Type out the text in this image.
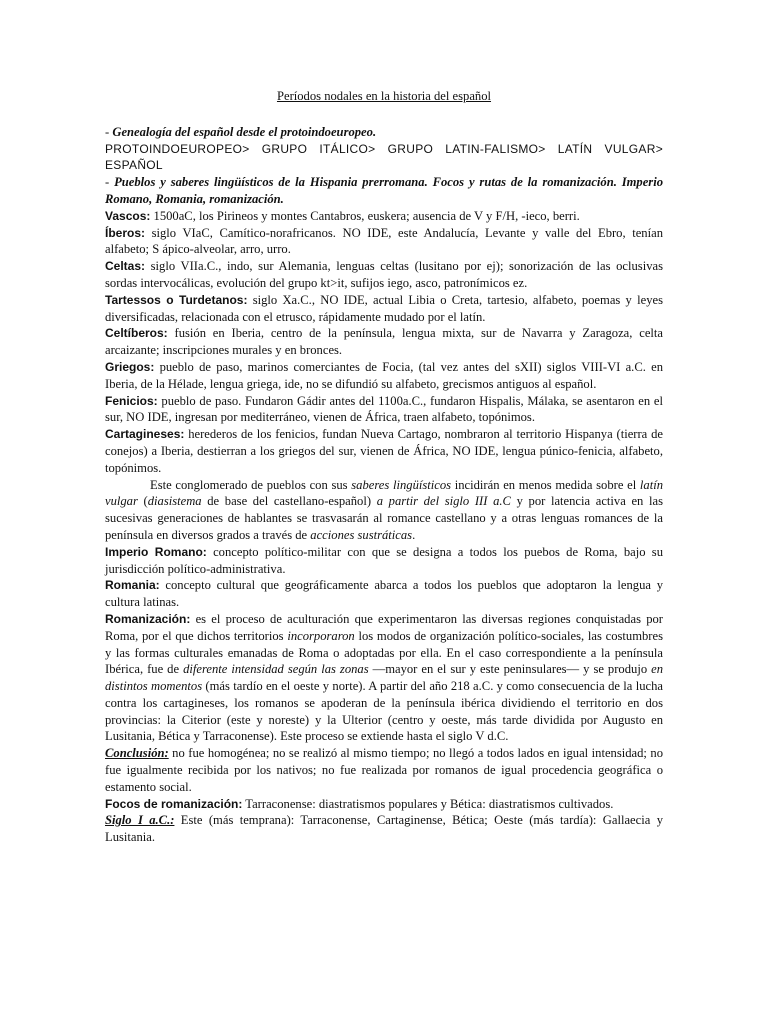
Períodos nodales en la historia del español

- Genealogía del español desde el protoindoeuropeo.

PROTOINDOEUROPEO> GRUPO ITÁLICO> GRUPO LATIN-FALISMO> LATÍN VULGAR> ESPAÑOL

- Pueblos y saberes lingüísticos de la Hispania prerromana. Focos y rutas de la romanización. Imperio Romano, Romania, romanización.

Vascos: 1500aC, los Pirineos y montes Cantabros, euskera; ausencia de V y F/H, -ieco, berri.

Íberos: siglo VIaC, Camítico-norafricanos. NO IDE, este Andalucía, Levante y valle del Ebro, tenían alfabeto; S ápico-alveolar, arro, urro.

Celtas: siglo VIIa.C., indo, sur Alemania, lenguas celtas (lusitano por ej); sonorización de las oclusivas sordas intervocálicas, evolución del grupo kt>it, sufijos iego, asco, patronímicos ez.

Tartessos o Turdetanos: siglo Xa.C., NO IDE, actual Libia o Creta, tartesio, alfabeto, poemas y leyes diversificadas, relacionada con el etrusco, rápidamente mudado por el latín.

Celtíberos: fusión en Iberia, centro de la península, lengua mixta, sur de Navarra y Zaragoza, celta arcaizante; inscripciones murales y en bronces.

Griegos: pueblo de paso, marinos comerciantes de Focia, (tal vez antes del sXII) siglos VIII-VI a.C. en Iberia, de la Hélade, lengua griega, ide, no se difundió su alfabeto, grecismos antiguos al español.

Fenicios: pueblo de paso. Fundaron Gádir antes del 1100a.C., fundaron Hispalis, Málaka, se asentaron en el sur, NO IDE, ingresan por mediterráneo, vienen de África, traen alfabeto, topónimos.

Cartagineses: herederos de los fenicios, fundan Nueva Cartago, nombraron al territorio Hispanya (tierra de conejos) a Iberia, destierran a los griegos del sur, vienen de África, NO IDE, lengua púnico-fenicia, alfabeto, topónimos.

Este conglomerado de pueblos con sus saberes lingüísticos incidirán en menos medida sobre el latín vulgar (diasistema de base del castellano-español) a partir del siglo III a.C y por latencia activa en las sucesivas generaciones de hablantes se trasvasarán al romance castellano y a otras lenguas romances de la península en diversos grados a través de acciones sustráticas.

Imperio Romano: concepto político-militar con que se designa a todos los puebos de Roma, bajo su jurisdicción político-administrativa.

Romania: concepto cultural que geográficamente abarca a todos los pueblos que adoptaron la lengua y cultura latinas.

Romanización: es el proceso de aculturación que experimentaron las diversas regiones conquistadas por Roma, por el que dichos territorios incorporaron los modos de organización político-sociales, las costumbres y las formas culturales emanadas de Roma o adoptadas por ella. En el caso correspondiente a la península Ibérica, fue de diferente intensidad según las zonas —mayor en el sur y este peninsulares— y se produjo en distintos momentos (más tardío en el oeste y norte). A partir del año 218 a.C. y como consecuencia de la lucha contra los cartagineses, los romanos se apoderan de la península ibérica dividiendo el territorio en dos provincias: la Citerior (este y noreste) y la Ulterior (centro y oeste, más tarde dividida por Augusto en Lusitania, Bética y Tarraconense). Este proceso se extiende hasta el siglo V d.C.

Conclusión: no fue homogénea; no se realizó al mismo tiempo; no llegó a todos lados en igual intensidad; no fue igualmente recibida por los nativos; no fue realizada por romanos de igual procedencia geográfica o estamento social.

Focos de romanización: Tarraconense: diastratismos populares y Bética: diastratismos cultivados.

Siglo I a.C.: Este (más temprana): Tarraconense, Cartaginense, Bética; Oeste (más tardía): Gallaecia y Lusitania.
